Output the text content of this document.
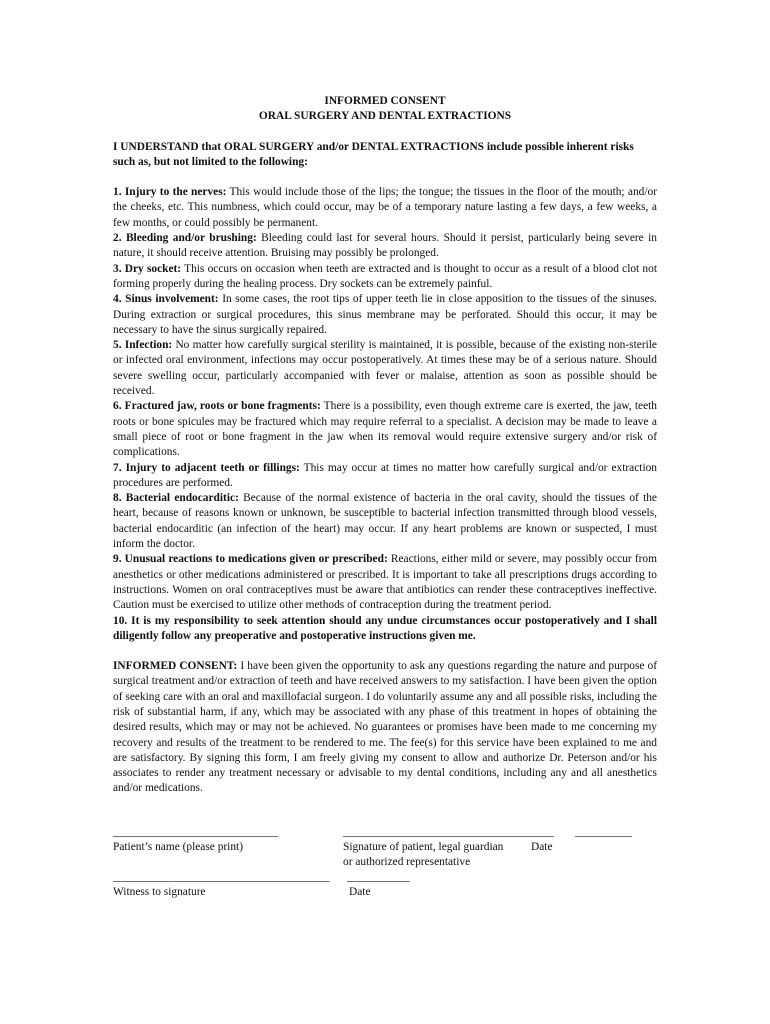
INFORMED CONSENT

ORAL SURGERY AND DENTAL EXTRACTIONS

I UNDERSTAND that ORAL SURGERY and/or DENTAL EXTRACTIONS include possible inherent risks such as, but not limited to the following:

1. Injury to the nerves: This would include those of the lips; the tongue; the tissues in the floor of the mouth; and/or the cheeks, etc. This numbness, which could occur, may be of a temporary nature lasting a few days, a few weeks, a few months, or could possibly be permanent.

2. Bleeding and/or brushing: Bleeding could last for several hours. Should it persist, particularly being severe in nature, it should receive attention. Bruising may possibly be prolonged.

3. Dry socket: This occurs on occasion when teeth are extracted and is thought to occur as a result of a blood clot not forming properly during the healing process. Dry sockets can be extremely painful.

4. Sinus involvement: In some cases, the root tips of upper teeth lie in close apposition to the tissues of the sinuses. During extraction or surgical procedures, this sinus membrane may be perforated. Should this occur, it may be necessary to have the sinus surgically repaired.

5. Infection: No matter how carefully surgical sterility is maintained, it is possible, because of the existing non-sterile or infected oral environment, infections may occur postoperatively. At times these may be of a serious nature. Should severe swelling occur, particularly accompanied with fever or malaise, attention as soon as possible should be received.

6. Fractured jaw, roots or bone fragments: There is a possibility, even though extreme care is exerted, the jaw, teeth roots or bone spicules may be fractured which may require referral to a specialist. A decision may be made to leave a small piece of root or bone fragment in the jaw when its removal would require extensive surgery and/or risk of complications.

7. Injury to adjacent teeth or fillings: This may occur at times no matter how carefully surgical and/or extraction procedures are performed.

8. Bacterial endocarditic: Because of the normal existence of bacteria in the oral cavity, should the tissues of the heart, because of reasons known or unknown, be susceptible to bacterial infection transmitted through blood vessels, bacterial endocarditic (an infection of the heart) may occur. If any heart problems are known or suspected, I must inform the doctor.

9. Unusual reactions to medications given or prescribed: Reactions, either mild or severe, may possibly occur from anesthetics or other medications administered or prescribed. It is important to take all prescriptions drugs according to instructions. Women on oral contraceptives must be aware that antibiotics can render these contraceptives ineffective. Caution must be exercised to utilize other methods of contraception during the treatment period.

10. It is my responsibility to seek attention should any undue circumstances occur postoperatively and I shall diligently follow any preoperative and postoperative instructions given me.

INFORMED CONSENT: I have been given the opportunity to ask any questions regarding the nature and purpose of surgical treatment and/or extraction of teeth and have received answers to my satisfaction. I have been given the option of seeking care with an oral and maxillofacial surgeon. I do voluntarily assume any and all possible risks, including the risk of substantial harm, if any, which may be associated with any phase of this treatment in hopes of obtaining the desired results, which may or may not be achieved. No guarantees or promises have been made to me concerning my recovery and results of the treatment to be rendered to me. The fee(s) for this service have been explained to me and are satisfactory. By signing this form, I am freely giving my consent to allow and authorize Dr. Peterson and/or his associates to render any treatment necessary or advisable to my dental conditions, including any and all anesthetics and/or medications.

_____________________________	_____________________________________ __________
Patient’s name (please print)	Signature of patient, legal guardian Date
or authorized representative
______________________________________ ___________
Witness to signature	Date
